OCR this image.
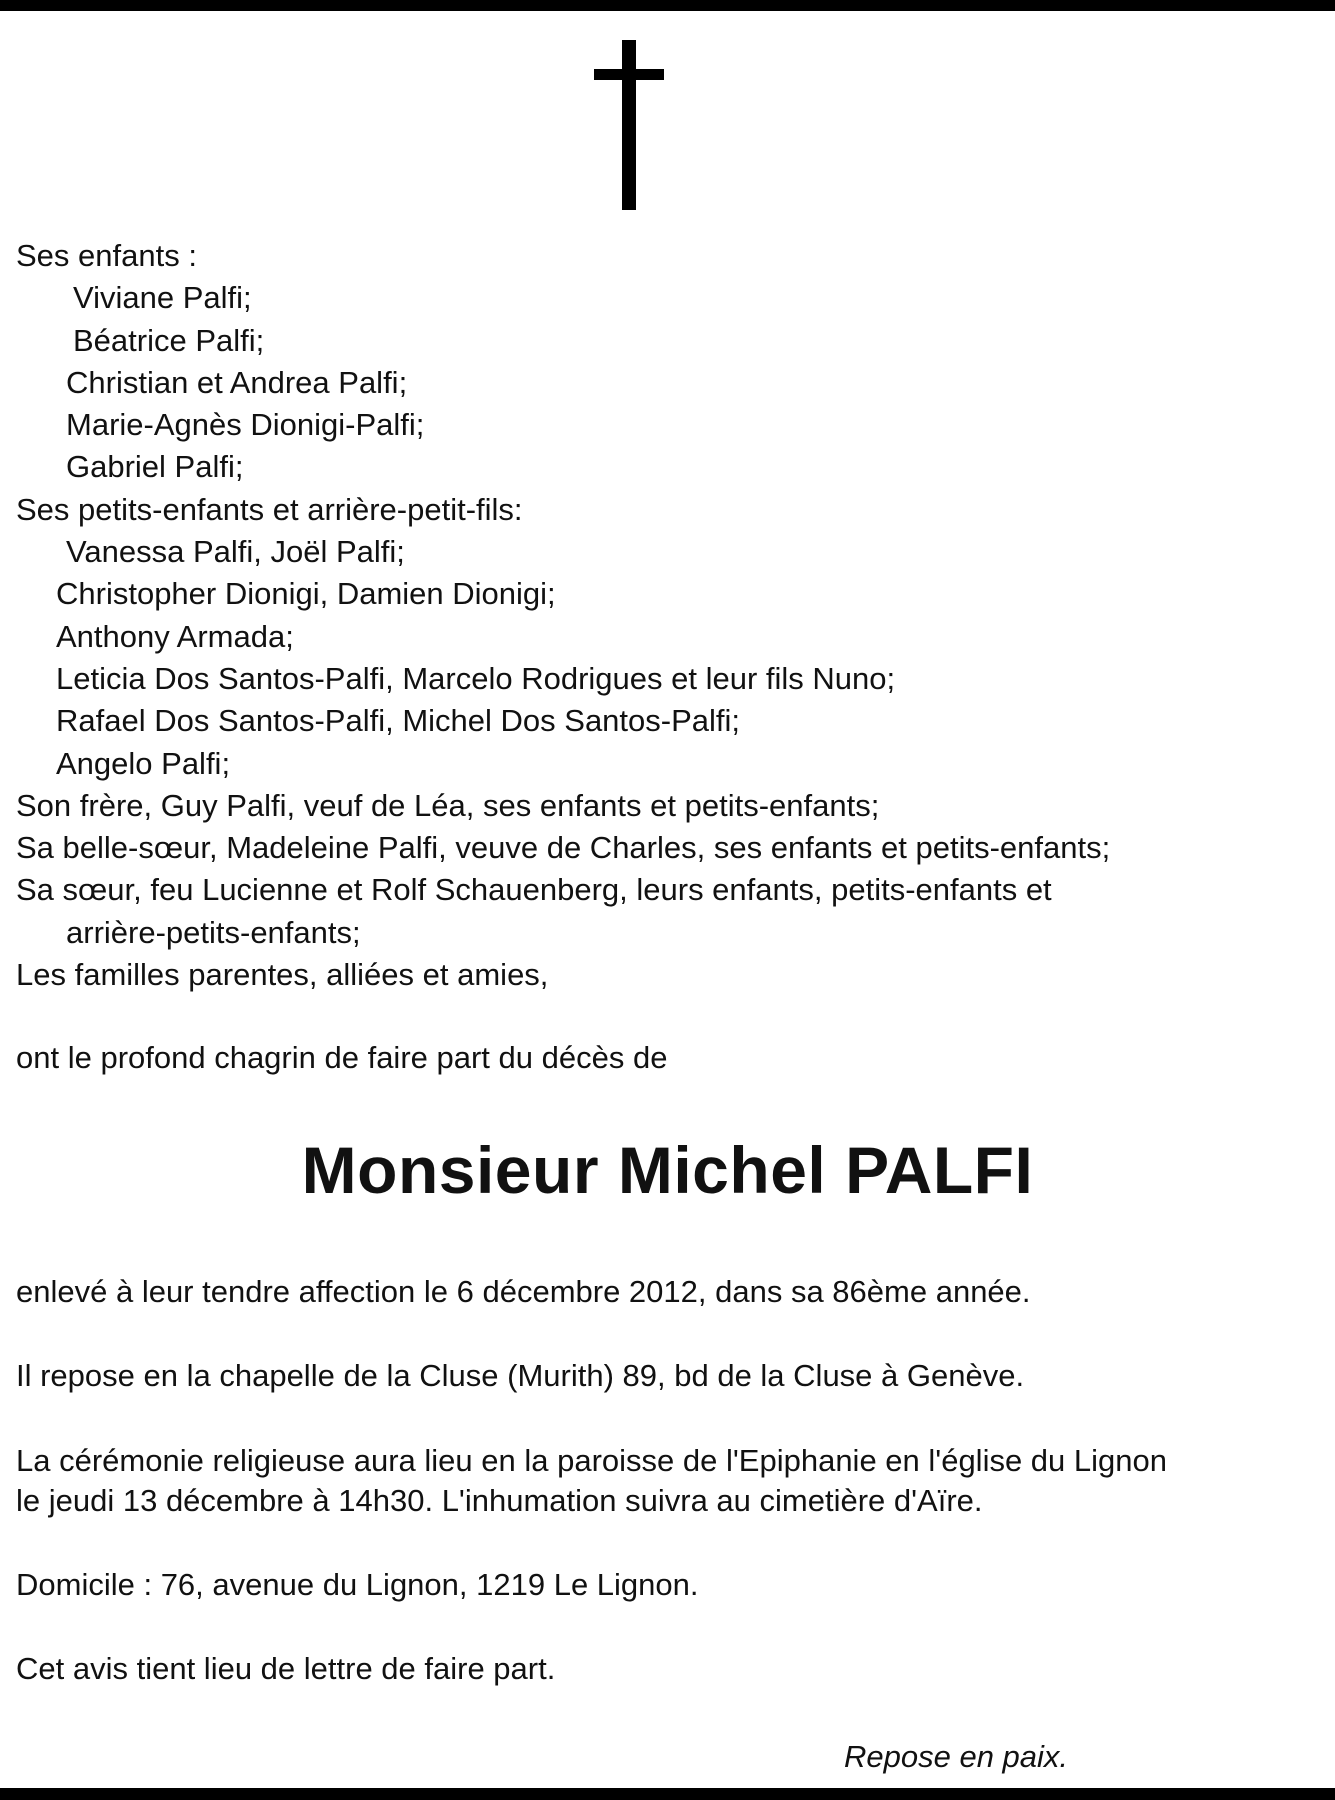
Ses enfants :
Viviane Palfi;
Béatrice Palfi;
Christian et Andrea Palfi;
Marie-Agnès Dionigi-Palfi;
Gabriel Palfi;
Ses petits-enfants et arrière-petit-fils:
Vanessa Palfi, Joël Palfi;
Christopher Dionigi, Damien Dionigi;
Anthony Armada;
Leticia Dos Santos-Palfi, Marcelo Rodrigues et leur fils Nuno;
Rafael Dos Santos-Palfi, Michel Dos Santos-Palfi;
Angelo Palfi;
Son frère, Guy Palfi, veuf de Léa, ses enfants et petits-enfants;
Sa belle-sœur, Madeleine Palfi, veuve de Charles, ses enfants et petits-enfants;
Sa sœur, feu Lucienne et Rolf Schauenberg, leurs enfants, petits-enfants et
arrière-petits-enfants;
Les familles parentes, alliées et amies,
ont le profond chagrin de faire part du décès de
Monsieur Michel PALFI
enlevé à leur tendre affection le 6 décembre 2012, dans sa 86ème année.
Il repose en la chapelle de la Cluse (Murith) 89, bd de la Cluse à Genève.
La cérémonie religieuse aura lieu en la paroisse de l'Epiphanie en l'église du Lignon
le jeudi 13 décembre à 14h30. L'inhumation suivra au cimetière d'Aïre.
Domicile : 76, avenue du Lignon, 1219 Le Lignon.
Cet avis tient lieu de lettre de faire part.
Repose en paix.
